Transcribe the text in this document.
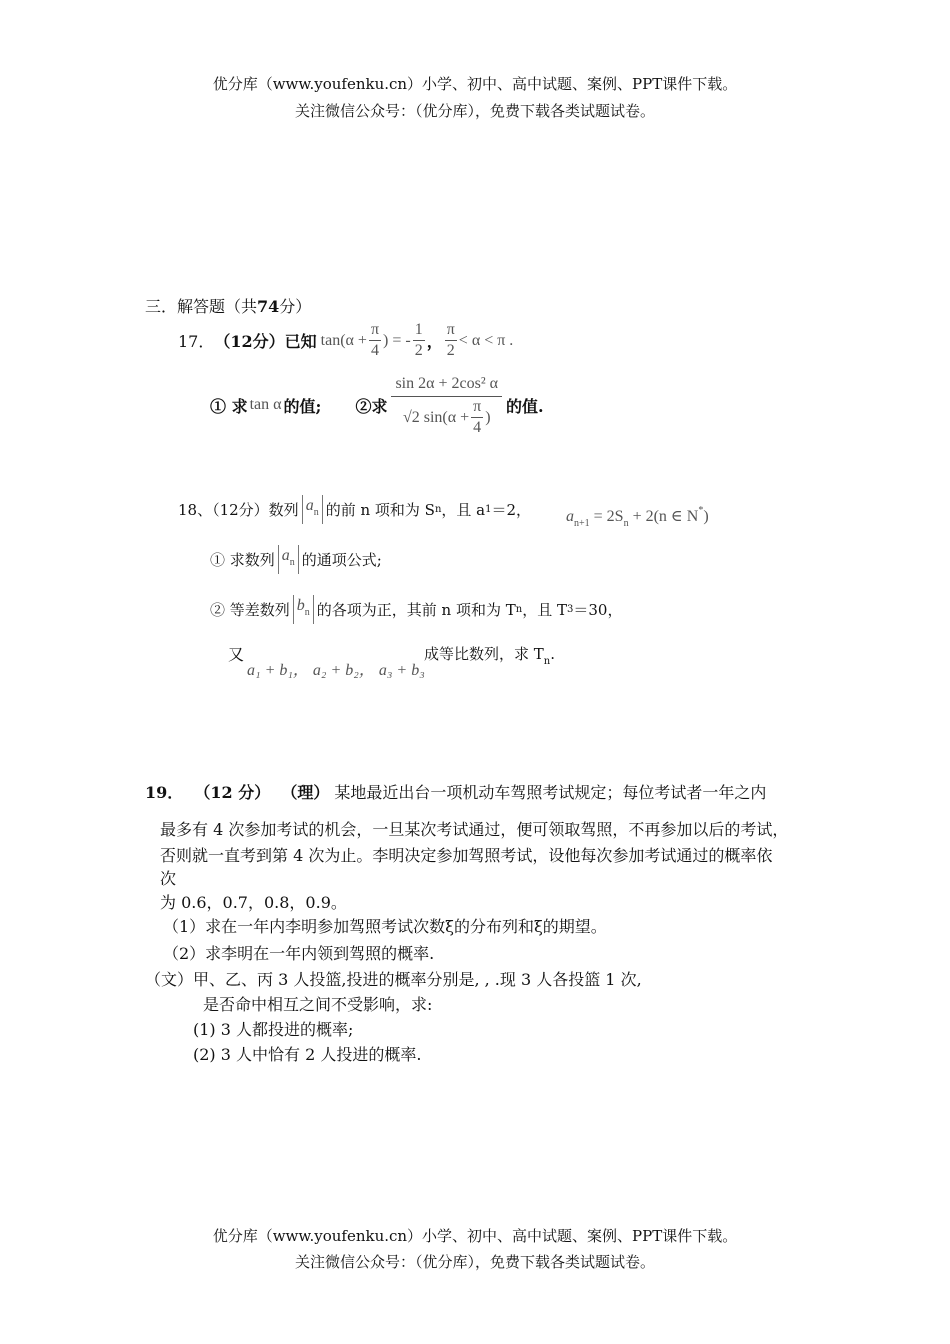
优分库（www.youfenku.cn）小学、初中、高中试题、案例、PPT课件下载。
关注微信公众号：（优分库），免费下载各类试题试卷。
三．解答题（共74分）
17． （12分）已知 $\tan(\alpha + \frac{\pi}{4}$ ) = - $\frac{1}{2}$ ， $\frac{\pi}{2} < \alpha < \pi$ .
① 求 tan α 的值; ②求 $\frac{\text{sin 2α + 2cos² α}}{√2 \sin(\alpha + \frac{\pi}{4} )}$ 的值.
18、（12分）数列 $a_n$ 的前 n 项和为 S n ，且 a 1 ＝2， $a_{n+1} = 2S_n + 2(n$ ∈ N*)
① 求数列 $a_n$ 的通项公式;
② 等差数列 $b_n$ 的各项为正，其前 n 项和为 T n ，且 T 3 ＝30，
又
a₁ + b₁， a₂ + b₂， a₃ + b₃
成等比数列，求 $T_n$.
19． （12 分） （理） 某地最近出台一项机动车驾照考试规定；每位考试者一年之内
最多有 4 次参加考试的机会，一旦某次考试通过，便可领取驾照，不再参加以后的考试，
否则就一直考到第 4 次为止。李明决定参加驾照考试，设他每次参加考试通过的概率依
次
为 0.6，0.7，0.8，0.9。
（1）求在一年内李明参加驾照考试次数ξ的分布列和ξ的期望。
（2）求李明在一年内领到驾照的概率.
（文）甲、乙、丙 3 人投篮,投进的概率分别是, , .现 3 人各投篮 1 次,
是否命中相互之间不受影响，求:
(1) 3 人都投进的概率;
(2) 3 人中恰有 2 人投进的概率.
优分库（www.youfenku.cn）小学、初中、高中试题、案例、PPT课件下载。
关注微信公众号：（优分库），免费下载各类试题试卷。
